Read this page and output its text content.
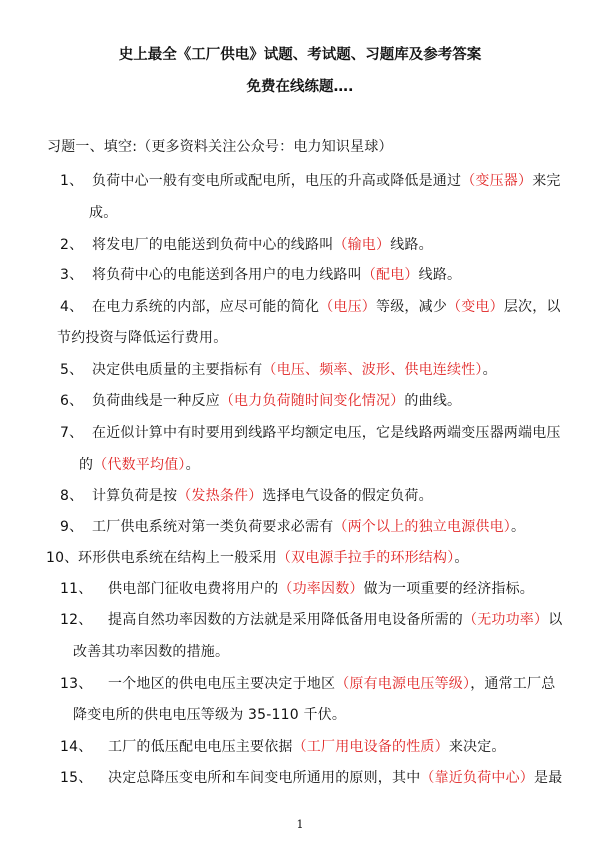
史上最全《工厂供电》试题、考试题、习题库及参考答案
免费在线练题….
习题一、填空:（更多资料关注公众号：电力知识星球）
1、 负荷中心一般有变电所或配电所，电压的升高或降低是通过（变压器）来完
成。
2、 将发电厂的电能送到负荷中心的线路叫（输电）线路。
3、 将负荷中心的电能送到各用户的电力线路叫（配电）线路。
4、 在电力系统的内部，应尽可能的简化（电压）等级，减少（变电）层次，以
节约投资与降低运行费用。
5、 决定供电质量的主要指标有（电压、频率、波形、供电连续性）。
6、 负荷曲线是一种反应（电力负荷随时间变化情况）的曲线。
7、 在近似计算中有时要用到线路平均额定电压，它是线路两端变压器两端电压
的（代数平均值）。
8、 计算负荷是按（发热条件）选择电气设备的假定负荷。
9、 工厂供电系统对第一类负荷要求必需有（两个以上的独立电源供电）。
10、环形供电系统在结构上一般采用（双电源手拉手的环形结构）。
11、 供电部门征收电费将用户的（功率因数）做为一项重要的经济指标。
12、 提高自然功率因数的方法就是采用降低备用电设备所需的（无功功率）以
改善其功率因数的措施。
13、 一个地区的供电电压主要决定于地区（原有电源电压等级），通常工厂总
降变电所的供电电压等级为 35-110 千伏。
14、 工厂的低压配电电压主要依据（工厂用电设备的性质）来决定。
15、 决定总降压变电所和车间变电所通用的原则，其中（靠近负荷中心）是最
1
